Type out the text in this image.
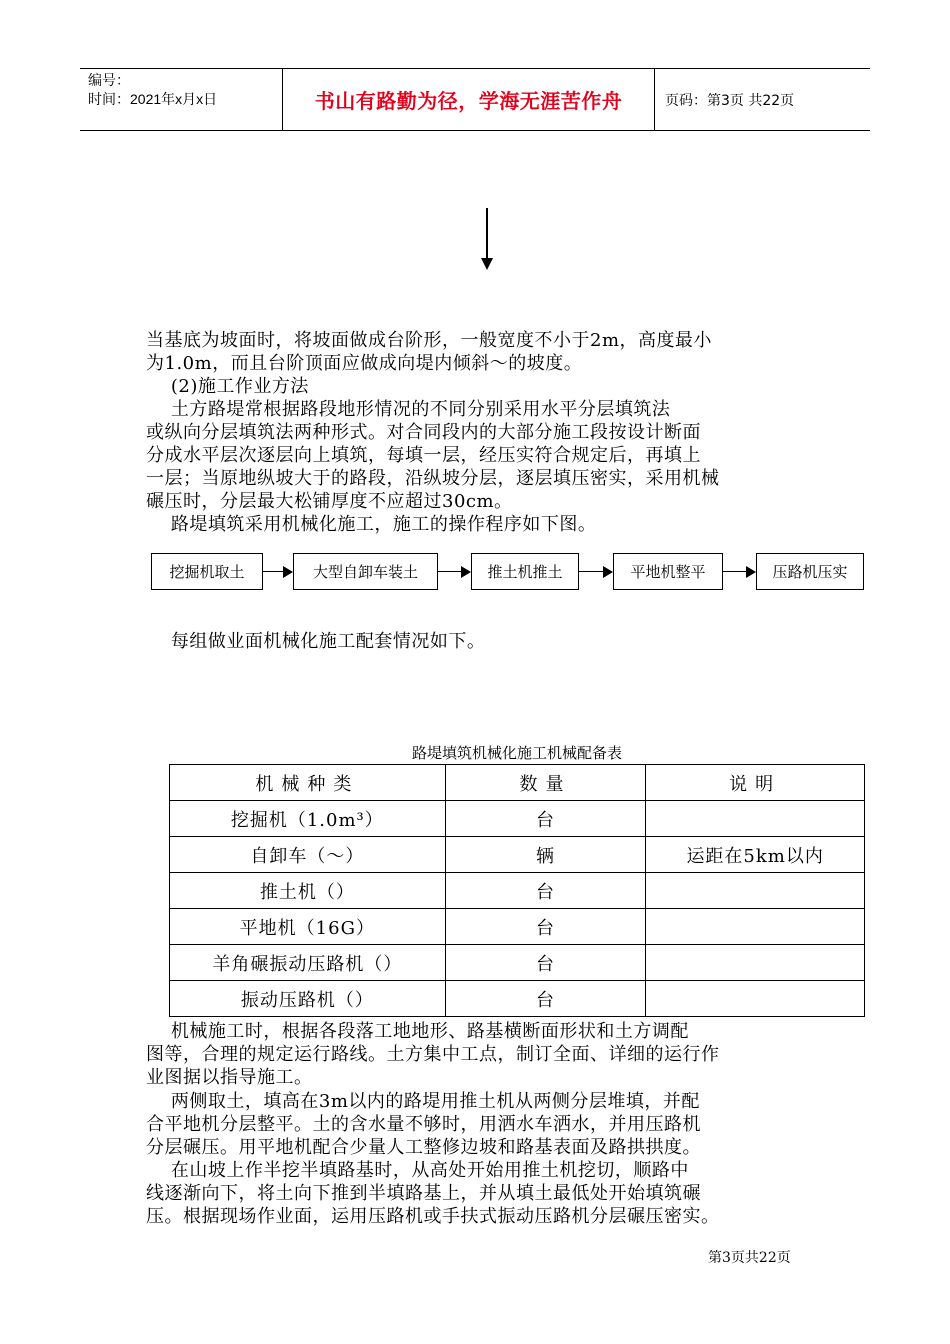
编号：
时间：2021年x月x日	书山有路勤为径，学海无涯苦作舟	页码：第3页 共22页
当基底为坡面时，将坡面做成台阶形，一般宽度不小于2m，高度最小
为1.0m，而且台阶顶面应做成向堤内倾斜～的坡度。
(2)施工作业方法
土方路堤常根据路段地形情况的不同分别采用水平分层填筑法
或纵向分层填筑法两种形式。对合同段内的大部分施工段按设计断面
分成水平层次逐层向上填筑，每填一层，经压实符合规定后，再填上
一层；当原地纵坡大于的路段，沿纵坡分层，逐层填压密实，采用机械
碾压时，分层最大松铺厚度不应超过30cm。
路堤填筑采用机械化施工，施工的操作程序如下图。
挖掘机取土	大型自卸车装土	推土机推土	平地机整平	压路机压实
每组做业面机械化施工配套情况如下。
路堤填筑机械化施工机械配备表
机械种类	数量	说明
挖掘机（1.0m³）	台	
自卸车（～）	辆	运距在5km以内
推土机（）	台	
平地机（16G）	台	
羊角碾振动压路机（）	台	
振动压路机（）	台	
机械施工时，根据各段落工地地形、路基横断面形状和土方调配
图等，合理的规定运行路线。土方集中工点，制订全面、详细的运行作
业图据以指导施工。
两侧取土，填高在3m以内的路堤用推土机从两侧分层堆填，并配
合平地机分层整平。土的含水量不够时，用洒水车洒水，并用压路机
分层碾压。用平地机配合少量人工整修边坡和路基表面及路拱拱度。
在山坡上作半挖半填路基时，从高处开始用推土机挖切，顺路中
线逐渐向下，将土向下推到半填路基上，并从填土最低处开始填筑碾
压。根据现场作业面，运用压路机或手扶式振动压路机分层碾压密实。
第3页共22页
